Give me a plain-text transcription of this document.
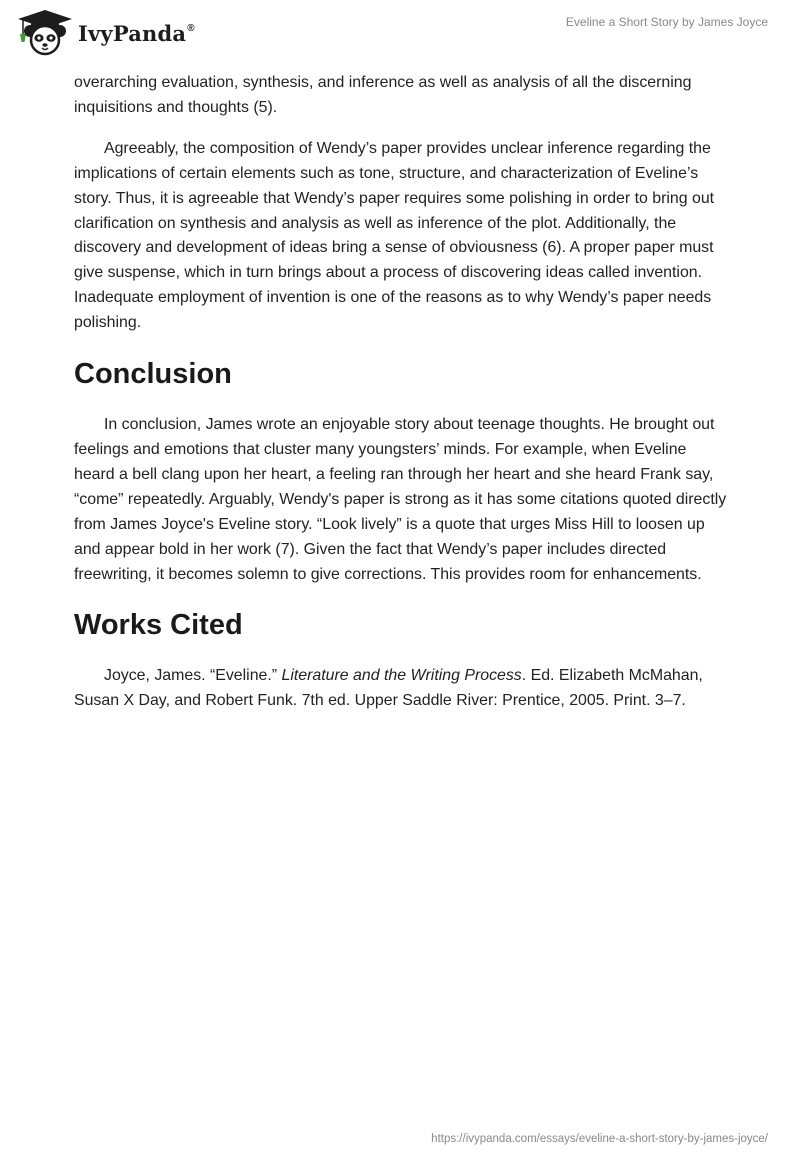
IvyPanda®	Eveline a Short Story by James Joyce

overarching evaluation, synthesis, and inference as well as analysis of all the discerning inquisitions and thoughts (5).

Agreeably, the composition of Wendy’s paper provides unclear inference regarding the implications of certain elements such as tone, structure, and characterization of Eveline’s story. Thus, it is agreeable that Wendy’s paper requires some polishing in order to bring out clarification on synthesis and analysis as well as inference of the plot. Additionally, the discovery and development of ideas bring a sense of obviousness (6). A proper paper must give suspense, which in turn brings about a process of discovering ideas called invention. Inadequate employment of invention is one of the reasons as to why Wendy’s paper needs polishing.

Conclusion

In conclusion, James wrote an enjoyable story about teenage thoughts. He brought out feelings and emotions that cluster many youngsters’ minds. For example, when Eveline heard a bell clang upon her heart, a feeling ran through her heart and she heard Frank say, “come” repeatedly. Arguably, Wendy's paper is strong as it has some citations quoted directly from James Joyce's Eveline story. “Look lively” is a quote that urges Miss Hill to loosen up and appear bold in her work (7). Given the fact that Wendy’s paper includes directed freewriting, it becomes solemn to give corrections. This provides room for enhancements.

Works Cited

Joyce, James. “Eveline.” Literature and the Writing Process. Ed. Elizabeth McMahan, Susan X Day, and Robert Funk. 7th ed. Upper Saddle River: Prentice, 2005. Print. 3–7.

https://ivypanda.com/essays/eveline-a-short-story-by-james-joyce/
